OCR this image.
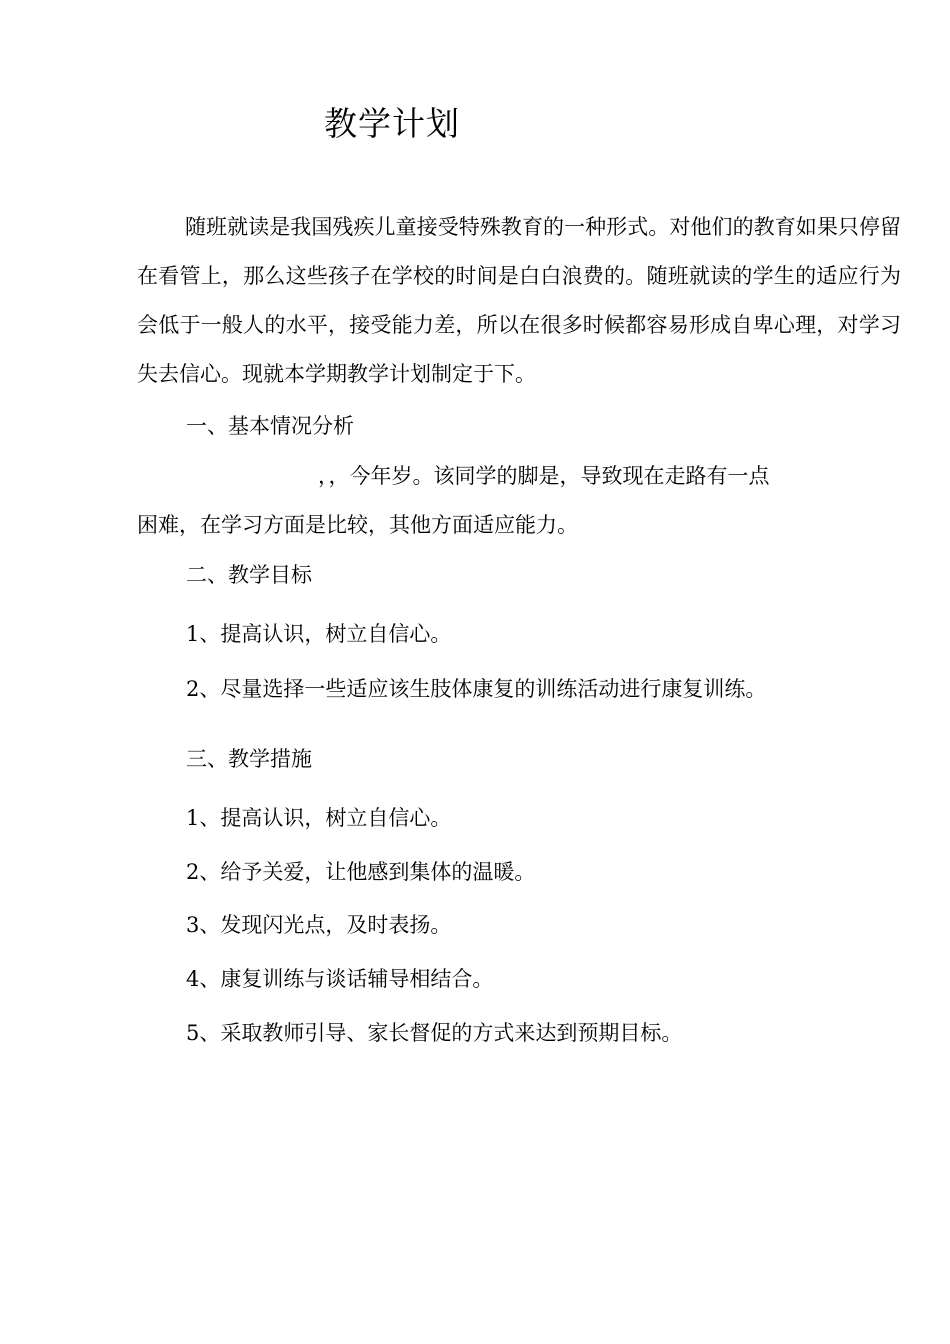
教学计划

随班就读是我国残疾儿童接受特殊教育的一种形式。对他们的教育如果只停留在看管上，那么这些孩子在学校的时间是白白浪费的。随班就读的学生的适应行为会低于一般人的水平，接受能力差，所以在很多时候都容易形成自卑心理，对学习失去信心。现就本学期教学计划制定于下。

一、基本情况分析
，，今年岁。该同学的脚是，导致现在走路有一点
困难，在学习方面是比较，其他方面适应能力。
二、教学目标
1、提高认识，树立自信心。
2、尽量选择一些适应该生肢体康复的训练活动进行康复训练。
三、教学措施
1、提高认识，树立自信心。
2、给予关爱，让他感到集体的温暖。
3、发现闪光点，及时表扬。
4、康复训练与谈话辅导相结合。
5、采取教师引导、家长督促的方式来达到预期目标。
